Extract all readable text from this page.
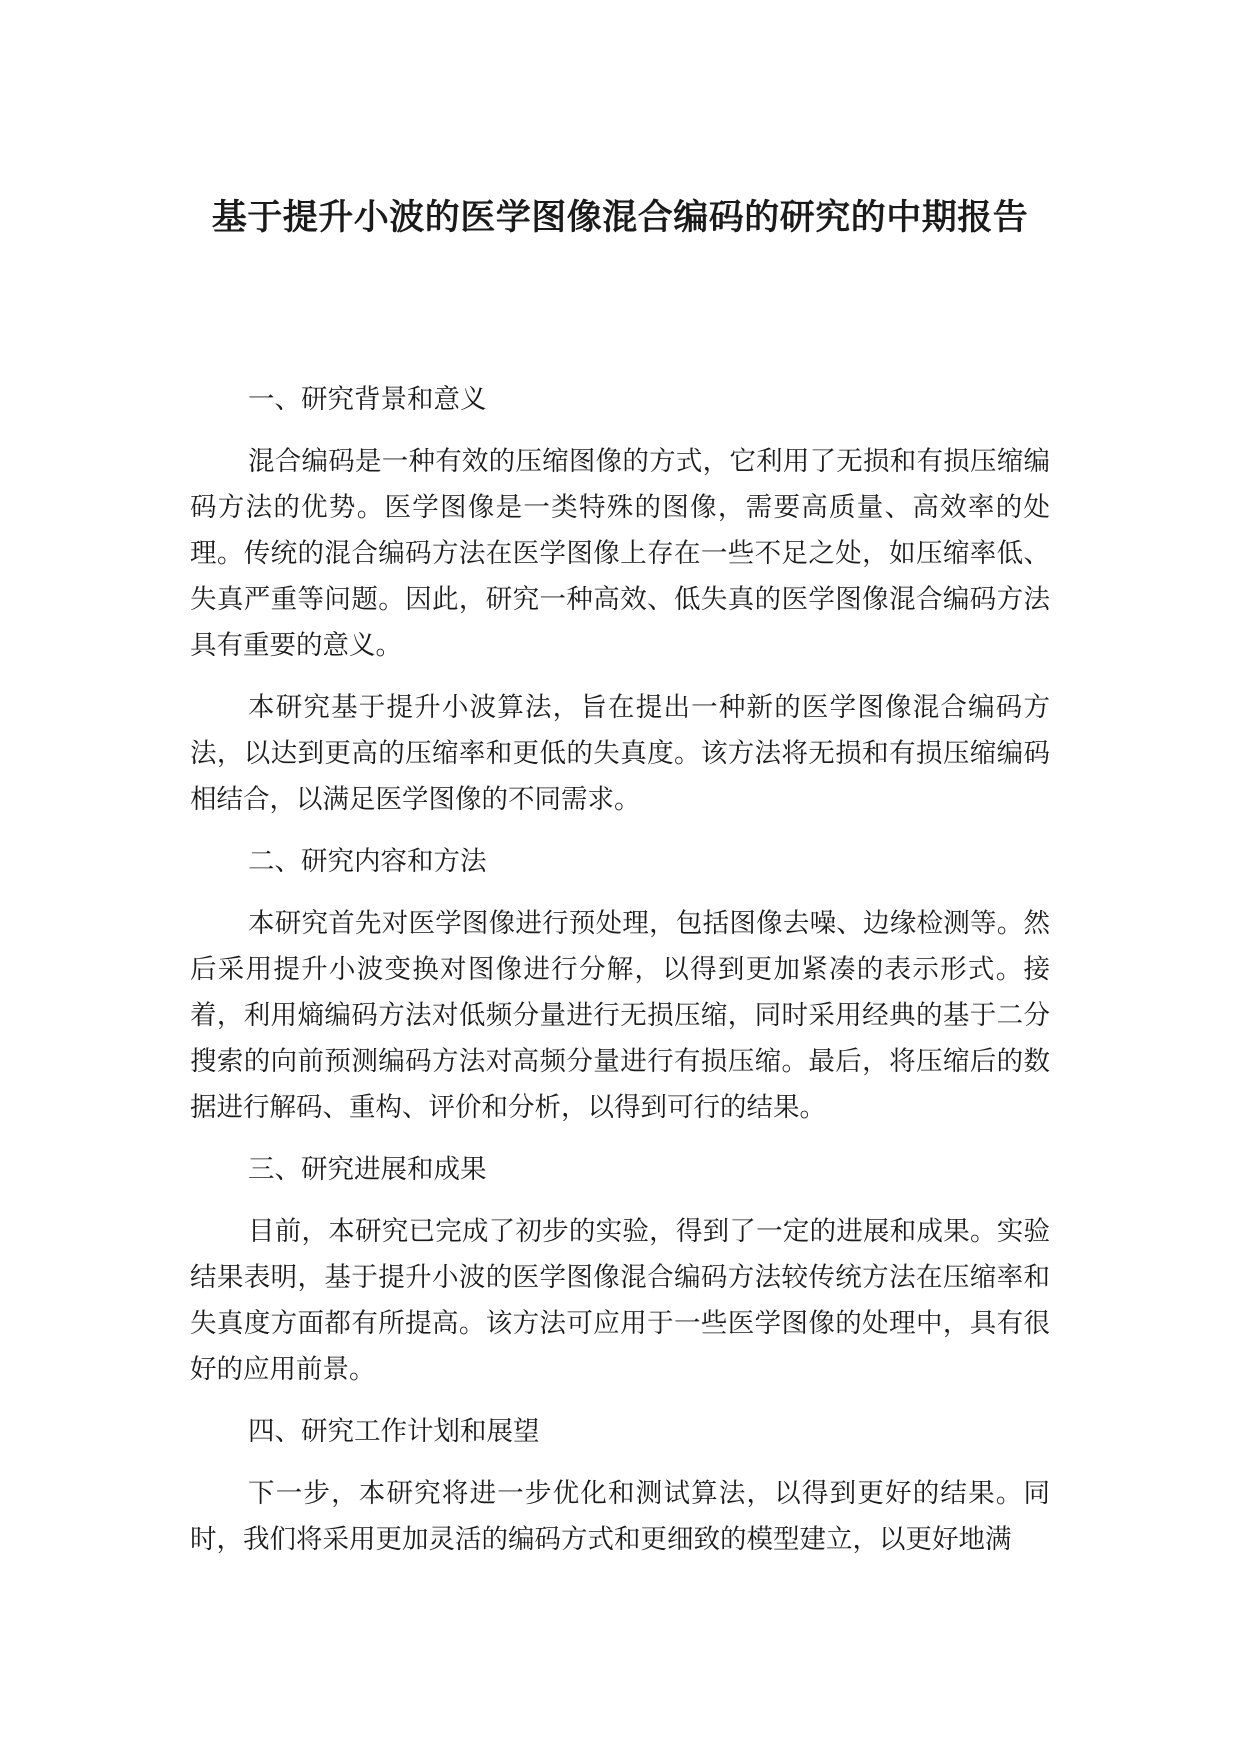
基于提升小波的医学图像混合编码的研究的中期报告

一、研究背景和意义

混合编码是一种有效的压缩图像的方式，它利用了无损和有损压缩编码方法的优势。医学图像是一类特殊的图像，需要高质量、高效率的处理。传统的混合编码方法在医学图像上存在一些不足之处，如压缩率低、失真严重等问题。因此，研究一种高效、低失真的医学图像混合编码方法具有重要的意义。

本研究基于提升小波算法，旨在提出一种新的医学图像混合编码方法，以达到更高的压缩率和更低的失真度。该方法将无损和有损压缩编码相结合，以满足医学图像的不同需求。

二、研究内容和方法

本研究首先对医学图像进行预处理，包括图像去噪、边缘检测等。然后采用提升小波变换对图像进行分解，以得到更加紧凑的表示形式。接着，利用熵编码方法对低频分量进行无损压缩，同时采用经典的基于二分搜索的向前预测编码方法对高频分量进行有损压缩。最后，将压缩后的数据进行解码、重构、评价和分析，以得到可行的结果。

三、研究进展和成果

目前，本研究已完成了初步的实验，得到了一定的进展和成果。实验结果表明，基于提升小波的医学图像混合编码方法较传统方法在压缩率和失真度方面都有所提高。该方法可应用于一些医学图像的处理中，具有很好的应用前景。

四、研究工作计划和展望

下一步，本研究将进一步优化和测试算法，以得到更好的结果。同时，我们将采用更加灵活的编码方式和更细致的模型建立，以更好地满
